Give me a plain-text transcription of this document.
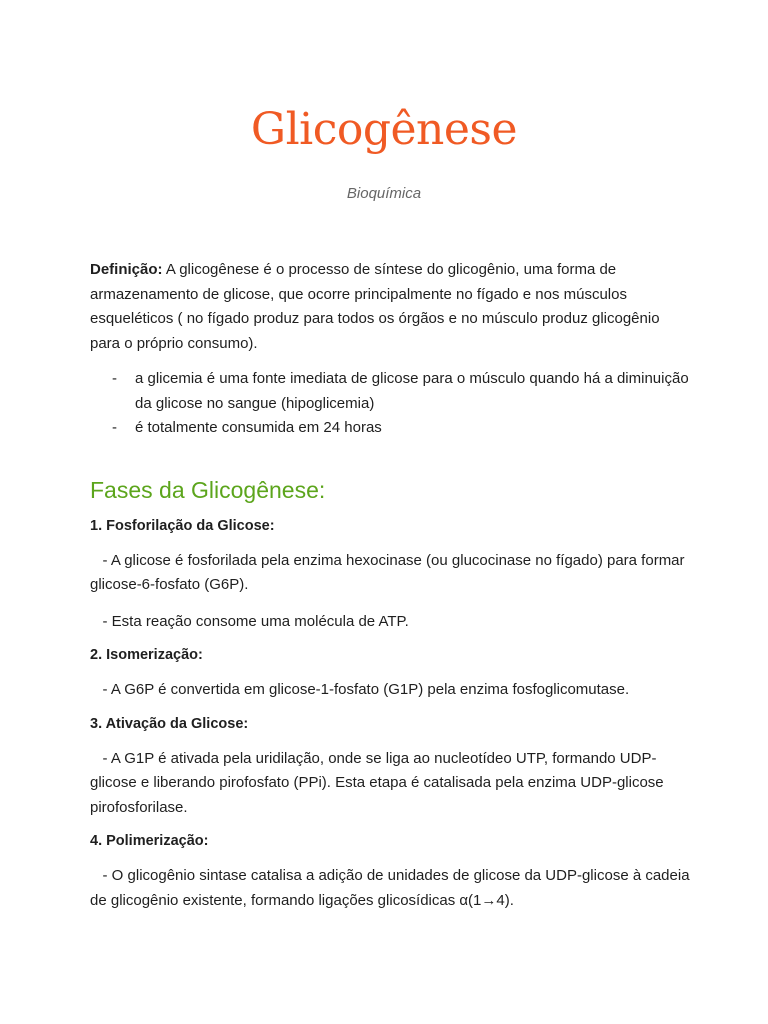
Glicogênese

Bioquímica

Definição: A glicogênese é o processo de síntese do glicogênio, uma forma de armazenamento de glicose, que ocorre principalmente no fígado e nos músculos esqueléticos ( no fígado produz para todos os órgãos e no músculo produz glicogênio para o próprio consumo).

- a glicemia é uma fonte imediata de glicose para o músculo quando há a diminuição da glicose no sangue (hipoglicemia)
- é totalmente consumida em 24 horas
Fases da Glicogênese:

1. Fosforilação da Glicose:

- A glicose é fosforilada pela enzima hexocinase (ou glucocinase no fígado) para formar glicose-6-fosfato (G6P).

- Esta reação consome uma molécula de ATP.

2. Isomerização:

- A G6P é convertida em glicose-1-fosfato (G1P) pela enzima fosfoglicomutase.

3. Ativação da Glicose:

- A G1P é ativada pela uridilação, onde se liga ao nucleotídeo UTP, formando UDP-glicose e liberando pirofosfato (PPi). Esta etapa é catalisada pela enzima UDP-glicose pirofosforilase.

4. Polimerização:

- O glicogênio sintase catalisa a adição de unidades de glicose da UDP-glicose à cadeia de glicogênio existente, formando ligações glicosídicas α(1→4).
